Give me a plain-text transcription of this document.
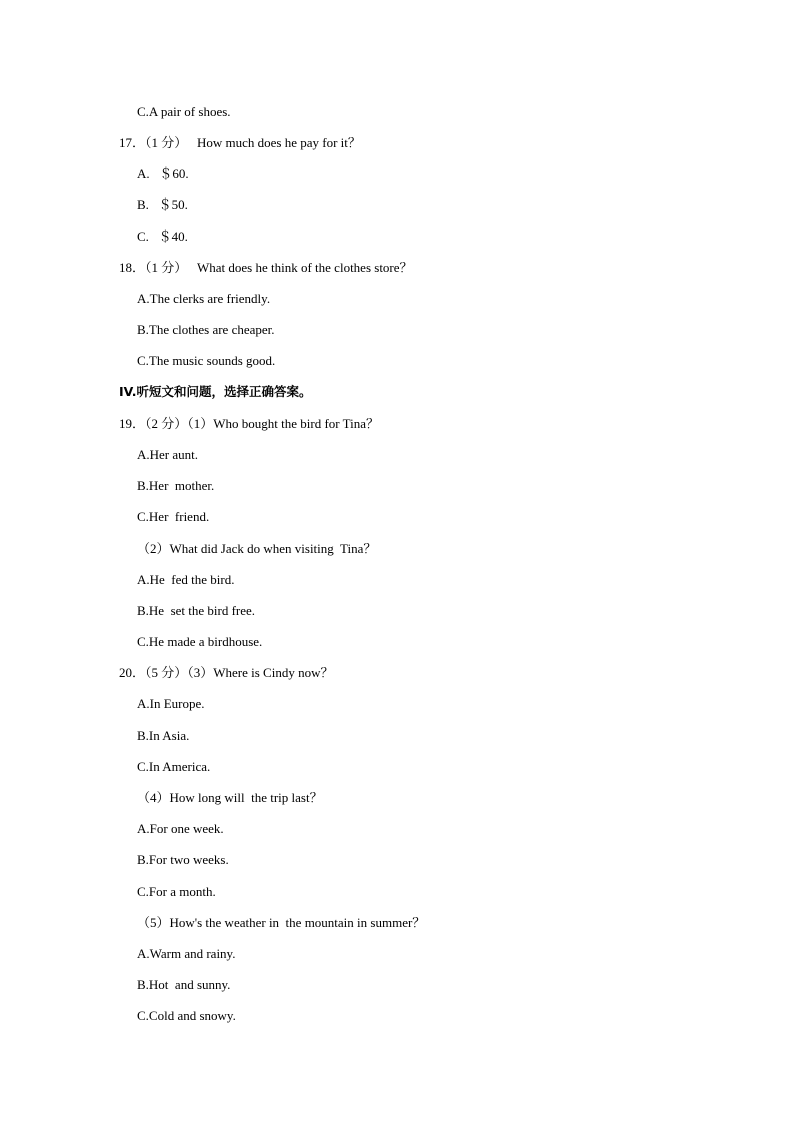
C.A pair of shoes.
17．（1 分）   How much does he pay for it？
A.   ＄60.
B.   ＄50.
C.   ＄40.
18．（1 分）   What does he think of the clothes store？
A.The clerks are friendly.
B.The clothes are cheaper.
C.The music sounds good.
IV.听短文和问题，选择正确答案。
19．（2 分）（1）Who bought the bird for Tina？
A.Her aunt.
B.Her  mother.
C.Her  friend.
（2）What did Jack do when visiting  Tina？
A.He  fed the bird.
B.He  set the bird free.
C.He made a birdhouse.
20．（5 分）（3）Where is Cindy now？
A.In Europe.
B.In Asia.
C.In America.
（4）How long will  the trip last？
A.For one week.
B.For two weeks.
C.For a month.
（5）How's the weather in  the mountain in summer？
A.Warm and rainy.
B.Hot  and sunny.
C.Cold and snowy.
